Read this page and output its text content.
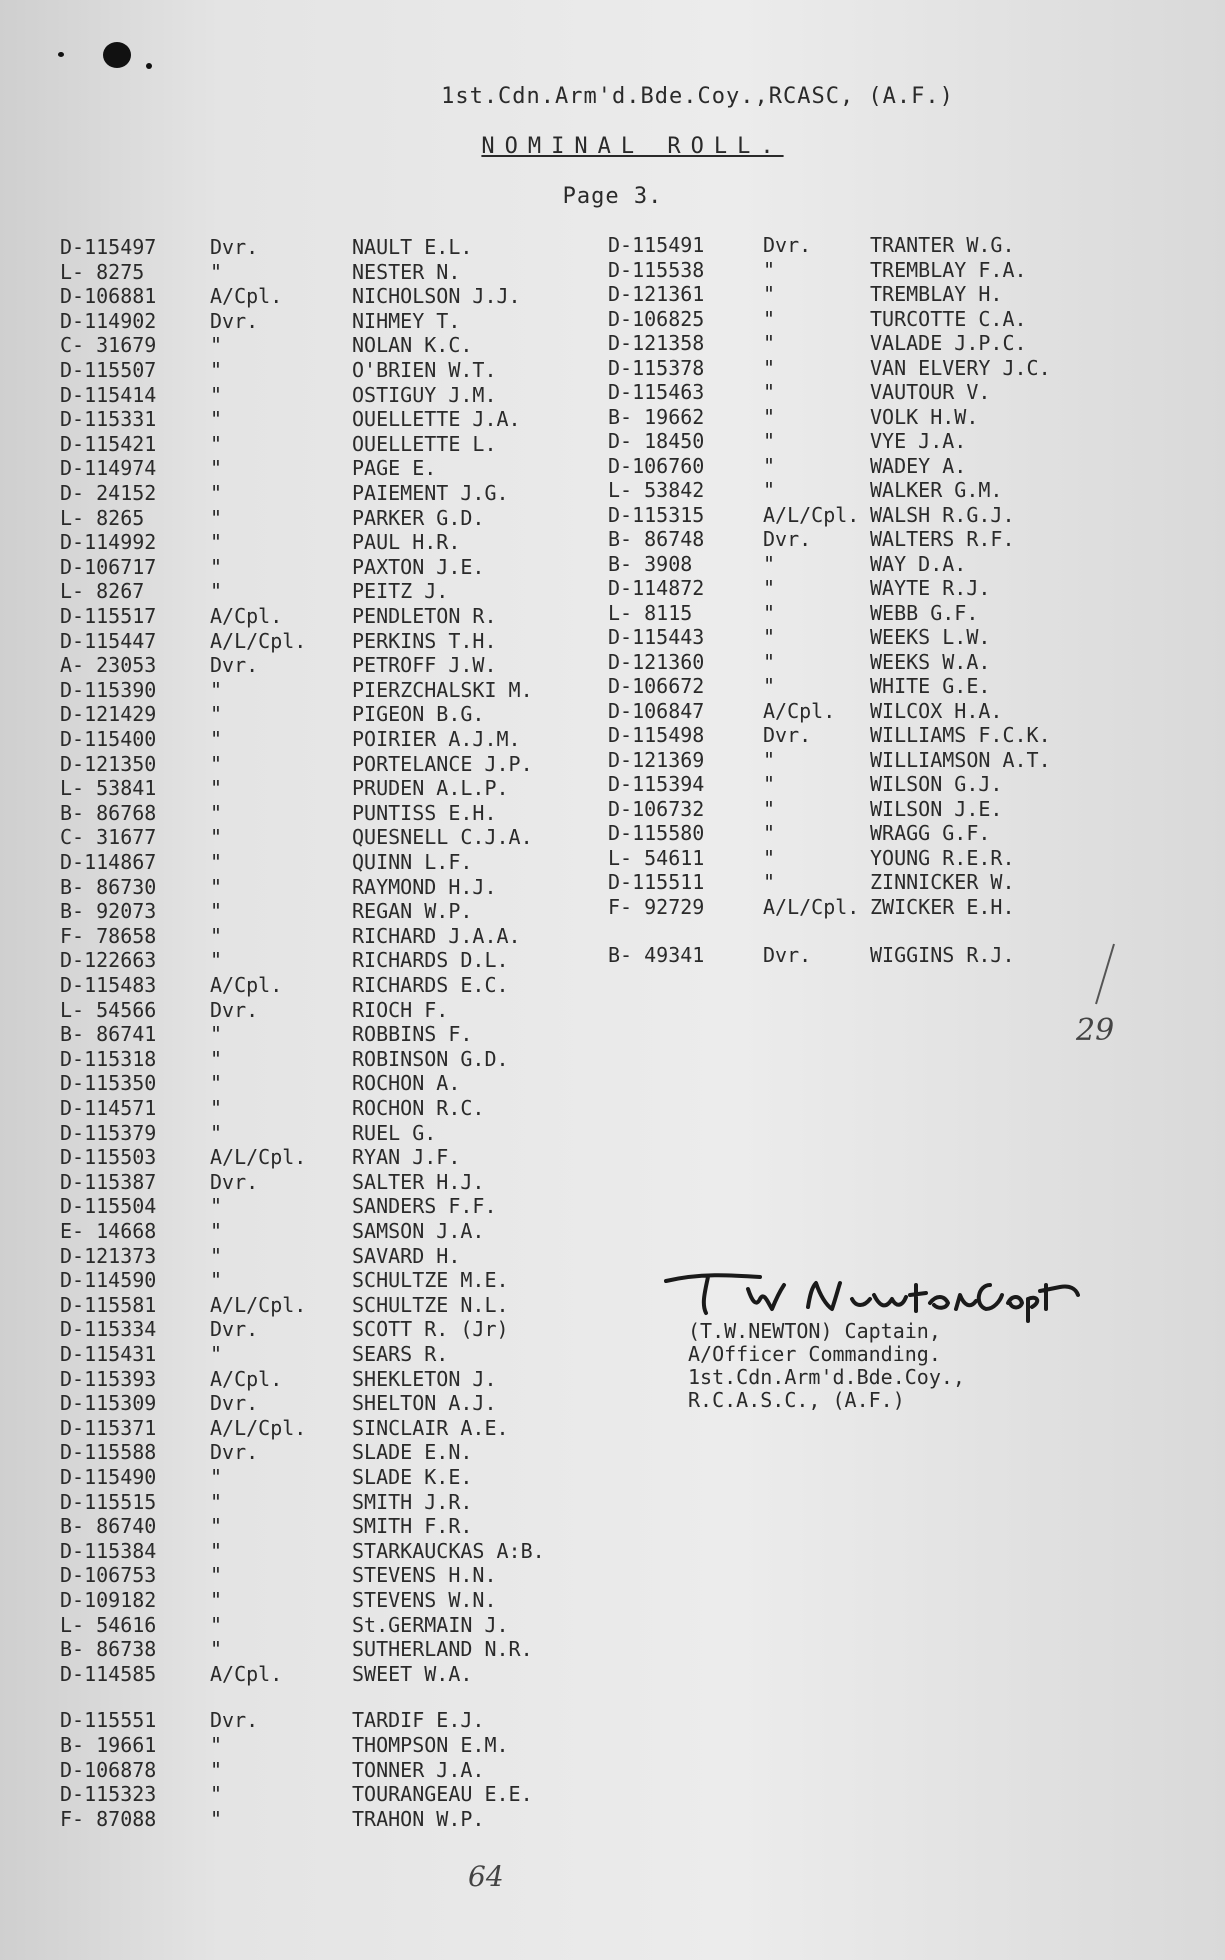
1st.Cdn.Arm'd.Bde.Coy.,RCASC, (A.F.)
NOMINAL ROLL.
Page 3.
D-115497	Dvr.	NAULT E.L.
L- 8275	"	NESTER N.
D-106881	A/Cpl.	NICHOLSON J.J.
D-114902	Dvr.	NIHMEY T.
C- 31679	"	NOLAN K.C.
D-115507	"	O'BRIEN W.T.
D-115414	"	OSTIGUY J.M.
D-115331	"	OUELLETTE J.A.
D-115421	"	OUELLETTE L.
D-114974	"	PAGE E.
D- 24152	"	PAIEMENT J.G.
L- 8265	"	PARKER G.D.
D-114992	"	PAUL H.R.
D-106717	"	PAXTON J.E.
L- 8267	"	PEITZ J.
D-115517	A/Cpl.	PENDLETON R.
D-115447	A/L/Cpl. PERKINS T.H.
A- 23053	Dvr.	PETROFF J.W.
D-115390	"	PIERZCHALSKI M.
D-121429	"	PIGEON B.G.
D-115400	"	POIRIER A.J.M.
D-121350	"	PORTELANCE J.P.
L- 53841	"	PRUDEN A.L.P.
B- 86768	"	PUNTISS E.H.
C- 31677	"	QUESNELL C.J.A.
D-114867	"	QUINN L.F.
B- 86730	"	RAYMOND H.J.
B- 92073	"	REGAN W.P.
F- 78658	"	RICHARD J.A.A.
D-122663	"	RICHARDS D.L.
D-115483	A/Cpl.	RICHARDS E.C.
L- 54566	Dvr.	RIOCH F.
B- 86741	"	ROBBINS F.
D-115318	"	ROBINSON G.D.
D-115350	"	ROCHON A.
D-114571	"	ROCHON R.C.
D-115379	"	RUEL G.
D-115503	A/L/Cpl. RYAN J.F.
D-115387	Dvr.	SALTER H.J.
D-115504	"	SANDERS F.F.
E- 14668	"	SAMSON J.A.
D-121373	"	SAVARD H.
D-114590	"	SCHULTZE M.E.
D-115581	A/L/Cpl. SCHULTZE N.L.
D-115334	Dvr.	SCOTT R. (Jr)
D-115431	"	SEARS R.
D-115393	A/Cpl.	SHEKLETON J.
D-115309	Dvr.	SHELTON A.J.
D-115371	A/L/Cpl. SINCLAIR A.E.
D-115588	Dvr.	SLADE E.N.
D-115490	"	SLADE K.E.
D-115515	"	SMITH J.R.
B- 86740	"	SMITH F.R.
D-115384	"	STARKAUCKAS A:B.
D-106753	"	STEVENS H.N.
D-109182	"	STEVENS W.N.
L- 54616	"	St.GERMAIN J.
B- 86738	"	SUTHERLAND N.R.
D-114585	A/Cpl.	SWEET W.A.
D-115551	Dvr.	TARDIF E.J.
B- 19661	"	THOMPSON E.M.
D-106878	"	TONNER J.A.
D-115323	"	TOURANGEAU E.E.
F- 87088	"	TRAHON W.P.
D-115491	Dvr.	TRANTER W.G.
D-115538	"	TREMBLAY F.A.
D-121361	"	TREMBLAY H.
D-106825	"	TURCOTTE C.A.
D-121358	"	VALADE J.P.C.
D-115378	"	VAN ELVERY J.C.
D-115463	"	VAUTOUR V.
B- 19662	"	VOLK H.W.
D- 18450	"	VYE J.A.
D-106760	"	WADEY A.
L- 53842	"	WALKER G.M.
D-115315	A/L/Cpl. WALSH R.G.J.
B- 86748	Dvr.	WALTERS R.F.
B- 3908	"	WAY D.A.
D-114872	"	WAYTE R.J.
L- 8115	"	WEBB G.F.
D-115443	"	WEEKS L.W.
D-121360	"	WEEKS W.A.
D-106672	"	WHITE G.E.
D-106847	A/Cpl. WILCOX H.A.
D-115498	Dvr.	WILLIAMS F.C.K.
D-121369	"	WILLIAMSON A.T.
D-115394	"	WILSON G.J.
D-106732	"	WILSON J.E.
D-115580	"	WRAGG G.F.
L- 54611	"	YOUNG R.E.R.
D-115511	"	ZINNICKER W.
F- 92729	A/L/Cpl. ZWICKER E.H.
B- 49341	Dvr.	WIGGINS R.J.
(T.W.NEWTON) Captain,
A/Officer Commanding.
1st.Cdn.Arm'd.Bde.Coy.,
R.C.A.S.C., (A.F.)
29
64
